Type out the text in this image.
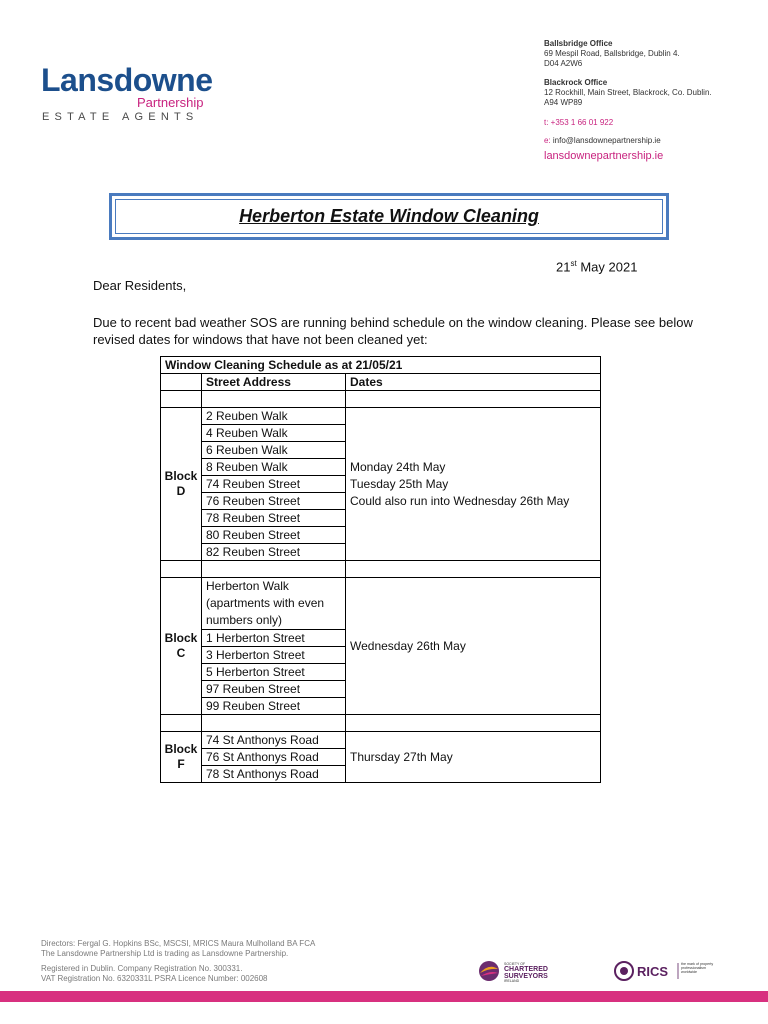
Lansdowne
Partnership
ESTATE AGENTS
Ballsbridge Office
69 Mespil Road, Ballsbridge, Dublin 4.
D04 A2W6
Blackrock Office
12 Rockhill, Main Street, Blackrock, Co. Dublin.
A94 WP89
t: +353 1 66 01 922
e: info@lansdownepartnership.ie
lansdownepartnership.ie
Herberton Estate Window Cleaning
21st May 2021
Dear Residents,
Due to recent bad weather SOS are running behind schedule on the window cleaning. Please see below revised dates for windows that have not been cleaned yet:
Window Cleaning Schedule as at 21/05/21		
	Street Address	Dates

Block D	2 Reuben Walk	Monday 24th May
Tuesday 25th May
Could also run into Wednesday 26th May

	4 Reuben Walk	
	6 Reuben Walk	
	8 Reuben Walk	
	74 Reuben Street	
	76 Reuben Street	
	78 Reuben Street	
	80 Reuben Street	
	82 Reuben Street	

Block C	Herberton Walk (apartments with even numbers only)	Wednesday 26th May

	1 Herberton Street	
	3 Herberton Street	
	5 Herberton Street	
	97 Reuben Street	
	99 Reuben Street	

Block F	74 St Anthonys Road	Thursday 27th May

	76 St Anthonys Road	
	78 St Anthonys Road	
Directors: Fergal G. Hopkins BSc, MSCSI, MRICS Maura Mulholland BA FCA
The Lansdowne Partnership Ltd is trading as Lansdowne Partnership.
Registered in Dublin. Company Registration No. 300331.
VAT Registration No. 6320331L PSRA Licence Number: 002608
SOCIETY OF
CHARTERED
SURVEYORS
IRELAND
RICS	the mark of property professionalism worldwide
